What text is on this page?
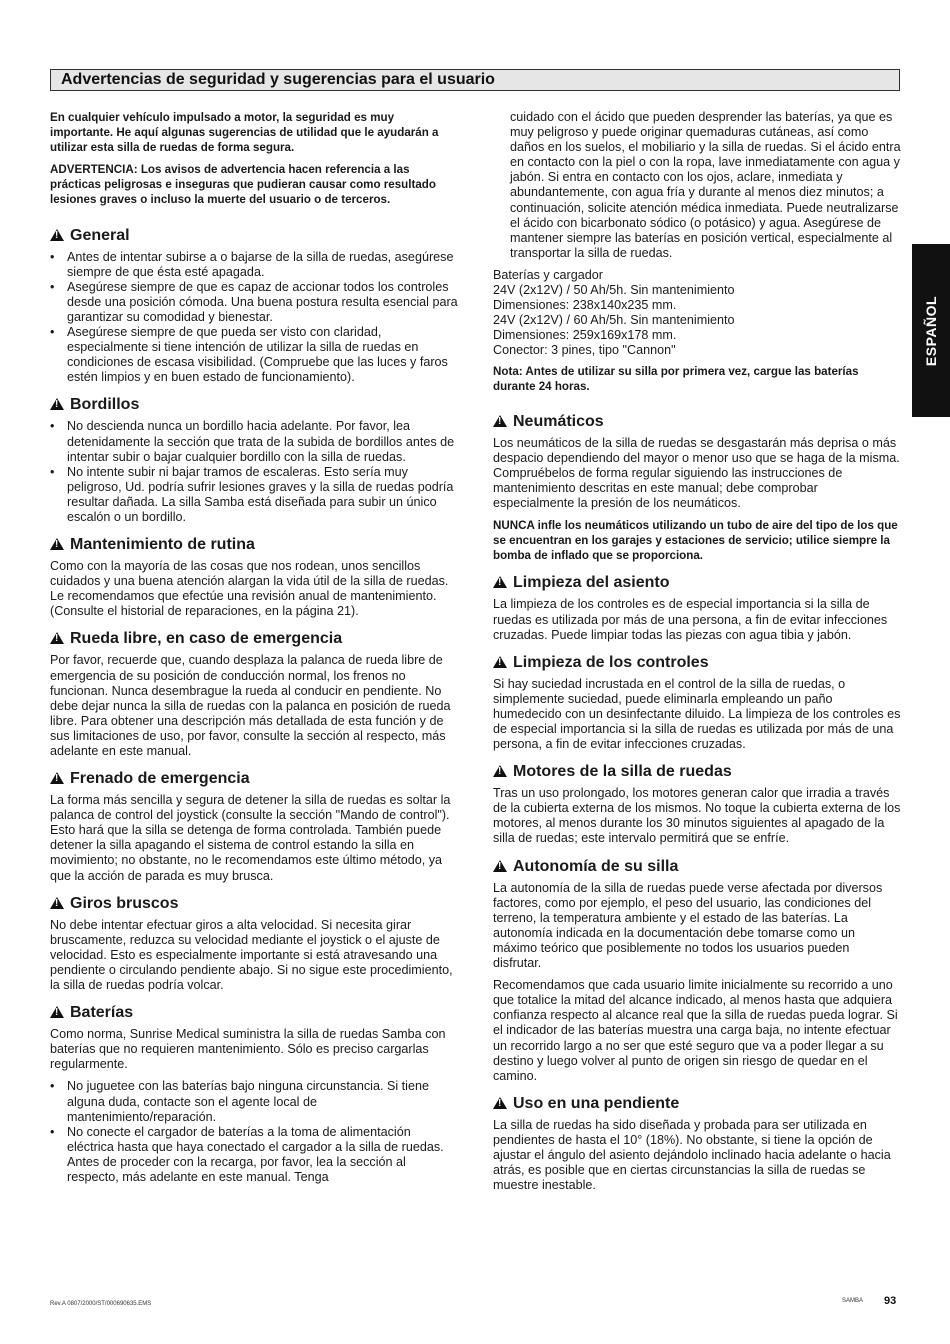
Advertencias de seguridad y sugerencias para el usuario
ESPAÑOL

En cualquier vehículo impulsado a motor, la seguridad es muy importante. He aquí algunas sugerencias de utilidad que le ayudarán a utilizar esta silla de ruedas de forma segura.

ADVERTENCIA: Los avisos de advertencia hacen referencia a las prácticas peligrosas e inseguras que pudieran causar como resultado lesiones graves o incluso la muerte del usuario o de terceros.

!
General
• Antes de intentar subirse a o bajarse de la silla de ruedas, asegúrese siempre de que ésta esté apagada.
• Asegúrese siempre de que es capaz de accionar todos los controles desde una posición cómoda. Una buena postura resulta esencial para garantizar su comodidad y bienestar.
• Asegúrese siempre de que pueda ser visto con claridad, especialmente si tiene intención de utilizar la silla de ruedas en condiciones de escasa visibilidad. (Compruebe que las luces y faros estén limpios y en buen estado de funcionamiento).
!
Bordillos
• No descienda nunca un bordillo hacia adelante. Por favor, lea detenidamente la sección que trata de la subida de bordillos antes de intentar subir o bajar cualquier bordillo con la silla de ruedas.
• No intente subir ni bajar tramos de escaleras. Esto sería muy peligroso, Ud. podría sufrir lesiones graves y la silla de ruedas podría resultar dañada. La silla Samba está diseñada para subir un único escalón o un bordillo.
!
Mantenimiento de rutina

Como con la mayoría de las cosas que nos rodean, unos sencillos cuidados y una buena atención alargan la vida útil de la silla de ruedas. Le recomendamos que efectúe una revisión anual de mantenimiento. (Consulte el historial de reparaciones, en la página 21).

!
Rueda libre, en caso de emergencia

Por favor, recuerde que, cuando desplaza la palanca de rueda libre de emergencia de su posición de conducción normal, los frenos no funcionan. Nunca desembrague la rueda al conducir en pendiente. No debe dejar nunca la silla de ruedas con la palanca en posición de rueda libre. Para obtener una descripción más detallada de esta función y de sus limitaciones de uso, por favor, consulte la sección al respecto, más adelante en este manual.

!
Frenado de emergencia

La forma más sencilla y segura de detener la silla de ruedas es soltar la palanca de control del joystick (consulte la sección "Mando de control"). Esto hará que la silla se detenga de forma controlada. También puede detener la silla apagando el sistema de control estando la silla en movimiento; no obstante, no le recomendamos este último método, ya que la acción de parada es muy brusca.

!
Giros bruscos

No debe intentar efectuar giros a alta velocidad. Si necesita girar bruscamente, reduzca su velocidad mediante el joystick o el ajuste de velocidad. Esto es especialmente importante si está atravesando una pendiente o circulando pendiente abajo. Si no sigue este procedimiento, la silla de ruedas podría volcar.

!
Baterías

Como norma, Sunrise Medical suministra la silla de ruedas Samba con baterías que no requieren mantenimiento. Sólo es preciso cargarlas regularmente.

• No juguetee con las baterías bajo ninguna circunstancia. Si tiene alguna duda, contacte son el agente local de mantenimiento/reparación.
• No conecte el cargador de baterías a la toma de alimentación eléctrica hasta que haya conectado el cargador a la silla de ruedas. Antes de proceder con la recarga, por favor, lea la sección al respecto, más adelante en este manual. Tenga

cuidado con el ácido que pueden desprender las baterías, ya que es muy peligroso y puede originar quemaduras cutáneas, así como daños en los suelos, el mobiliario y la silla de ruedas. Si el ácido entra en contacto con la piel o con la ropa, lave inmediatamente con agua y jabón. Si entra en contacto con los ojos, aclare, inmediata y abundantemente, con agua fría y durante al menos diez minutos; a continuación, solicite atención médica inmediata. Puede neutralizarse el ácido con bicarbonato sódico (o potásico) y agua. Asegúrese de mantener siempre las baterías en posición vertical, especialmente al transportar la silla de ruedas.

Baterías y cargador

24V (2x12V) / 50 Ah/5h. Sin mantenimiento

Dimensiones: 238x140x235 mm.

24V (2x12V) / 60 Ah/5h. Sin mantenimiento

Dimensiones: 259x169x178 mm.

Conector: 3 pines, tipo "Cannon"

Nota: Antes de utilizar su silla por primera vez, cargue las baterías durante 24 horas.

!
Neumáticos

Los neumáticos de la silla de ruedas se desgastarán más deprisa o más despacio dependiendo del mayor o menor uso que se haga de la misma. Compruébelos de forma regular siguiendo las instrucciones de mantenimiento descritas en este manual; debe comprobar especialmente la presión de los neumáticos.

NUNCA infle los neumáticos utilizando un tubo de aire del tipo de los que se encuentran en los garajes y estaciones de servicio; utilice siempre la bomba de inflado que se proporciona.

!
Limpieza del asiento

La limpieza de los controles es de especial importancia si la silla de ruedas es utilizada por más de una persona, a fin de evitar infecciones cruzadas. Puede limpiar todas las piezas con agua tibia y jabón.

!
Limpieza de los controles

Si hay suciedad incrustada en el control de la silla de ruedas, o simplemente suciedad, puede eliminarla empleando un paño humedecido con un desinfectante diluido. La limpieza de los controles es de especial importancia si la silla de ruedas es utilizada por más de una persona, a fin de evitar infecciones cruzadas.

!
Motores de la silla de ruedas

Tras un uso prolongado, los motores generan calor que irradia a través de la cubierta externa de los mismos. No toque la cubierta externa de los motores, al menos durante los 30 minutos siguientes al apagado de la silla de ruedas; este intervalo permitirá que se enfríe.

!
Autonomía de su silla

La autonomía de la silla de ruedas puede verse afectada por diversos factores, como por ejemplo, el peso del usuario, las condiciones del terreno, la temperatura ambiente y el estado de las baterías. La autonomía indicada en la documentación debe tomarse como un máximo teórico que posiblemente no todos los usuarios pueden disfrutar.

Recomendamos que cada usuario limite inicialmente su recorrido a uno que totalice la mitad del alcance indicado, al menos hasta que adquiera confianza respecto al alcance real que la silla de ruedas pueda lograr. Si el indicador de las baterías muestra una carga baja, no intente efectuar un recorrido largo a no ser que esté seguro que va a poder llegar a su destino y luego volver al punto de origen sin riesgo de quedar en el camino.

!
Uso en una pendiente

La silla de ruedas ha sido diseñada y probada para ser utilizada en pendientes de hasta el 10° (18%). No obstante, si tiene la opción de ajustar el ángulo del asiento dejándolo inclinado hacia adelante o hacia atrás, es posible que en ciertas circunstancias la silla de ruedas se muestre inestable.

Rev.A 0807/2000/ST/000690635.EMS	SAMBA 93
